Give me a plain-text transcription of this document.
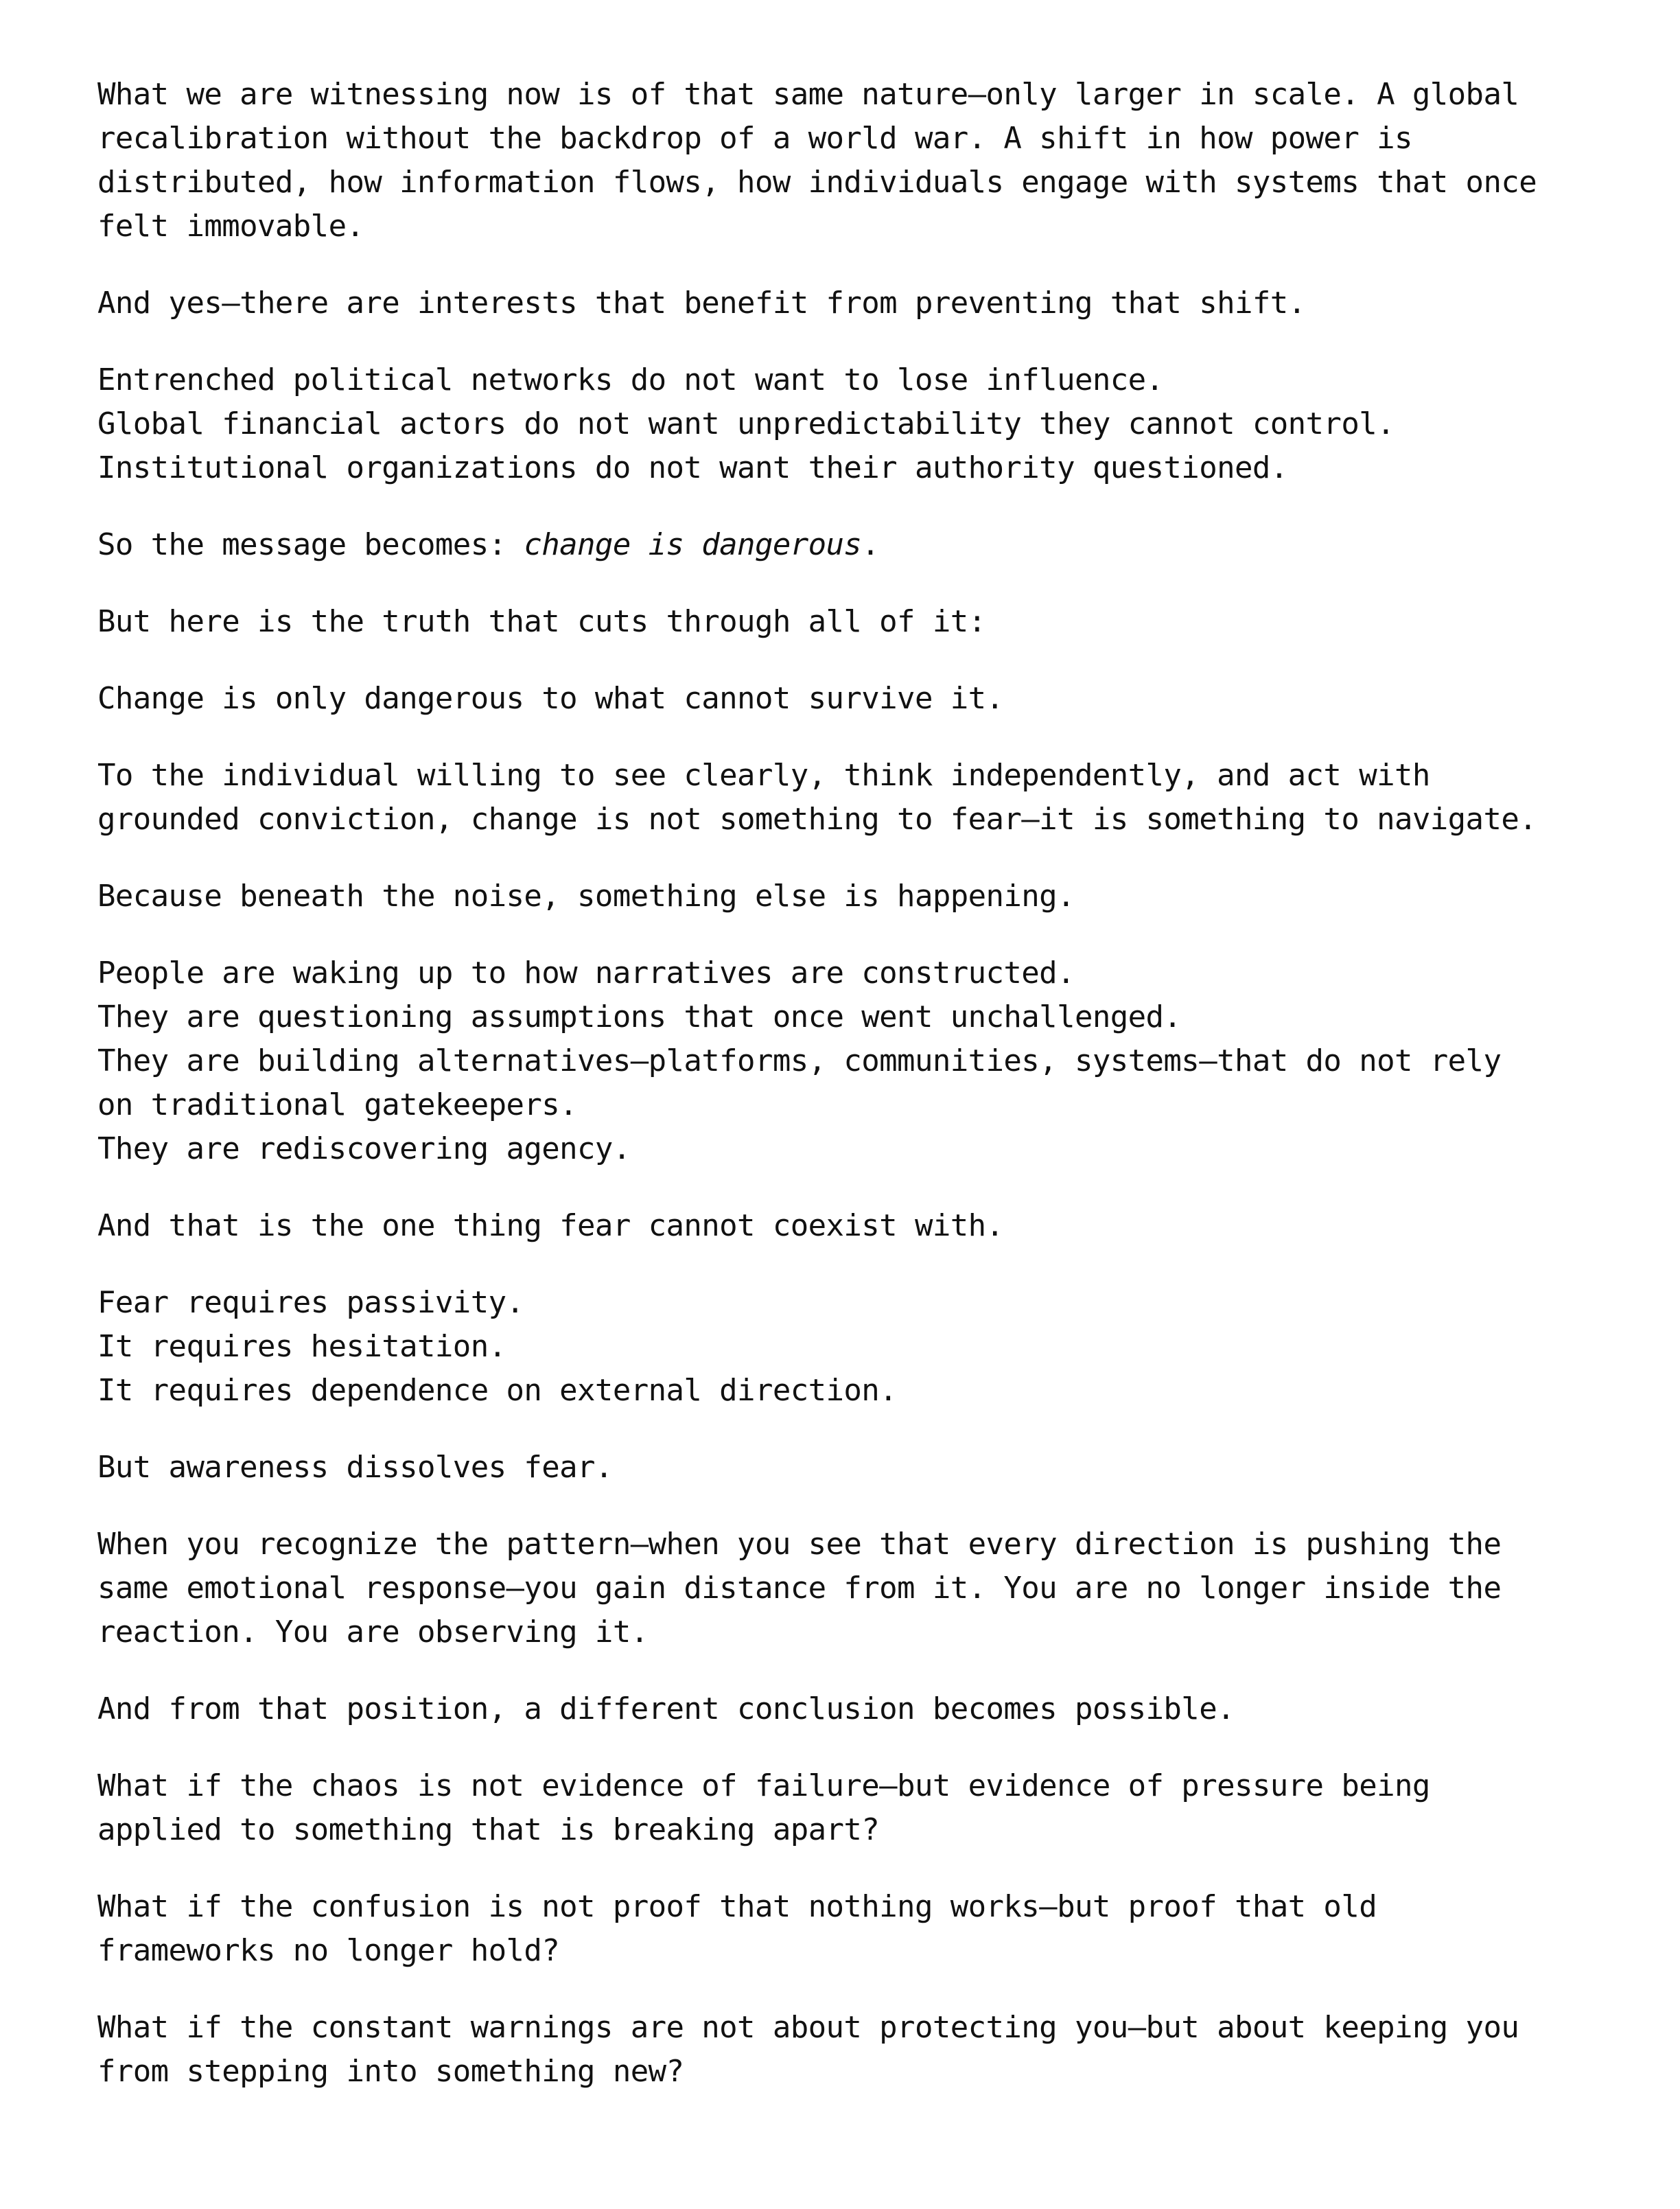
What we are witnessing now is of that same nature—only larger in scale. A global
recalibration without the backdrop of a world war. A shift in how power is
distributed, how information flows, how individuals engage with systems that once
felt immovable.
And yes—there are interests that benefit from preventing that shift.
Entrenched political networks do not want to lose influence.
Global financial actors do not want unpredictability they cannot control.
Institutional organizations do not want their authority questioned.
So the message becomes: change is dangerous.
But here is the truth that cuts through all of it:
Change is only dangerous to what cannot survive it.
To the individual willing to see clearly, think independently, and act with
grounded conviction, change is not something to fear—it is something to navigate.
Because beneath the noise, something else is happening.
People are waking up to how narratives are constructed.
They are questioning assumptions that once went unchallenged.
They are building alternatives—platforms, communities, systems—that do not rely
on traditional gatekeepers.
They are rediscovering agency.
And that is the one thing fear cannot coexist with.
Fear requires passivity.
It requires hesitation.
It requires dependence on external direction.
But awareness dissolves fear.
When you recognize the pattern—when you see that every direction is pushing the
same emotional response—you gain distance from it. You are no longer inside the
reaction. You are observing it.
And from that position, a different conclusion becomes possible.
What if the chaos is not evidence of failure—but evidence of pressure being
applied to something that is breaking apart?
What if the confusion is not proof that nothing works—but proof that old
frameworks no longer hold?
What if the constant warnings are not about protecting you—but about keeping you
from stepping into something new?
